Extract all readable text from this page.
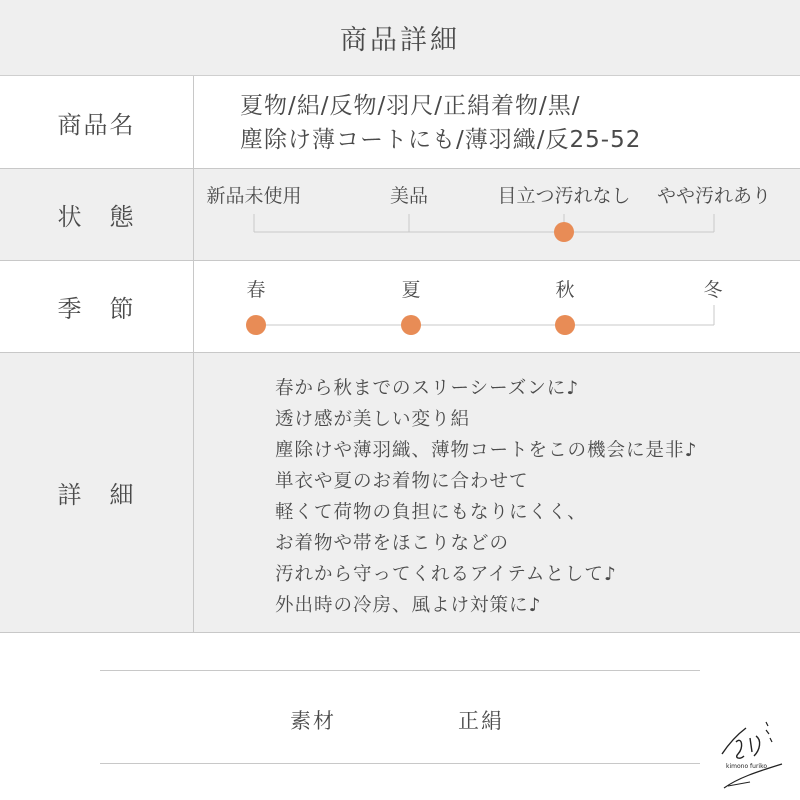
商品詳細
商品名
夏物/絽/反物/羽尺/正絹着物/黒/
塵除け薄コートにも/薄羽織/反25-52
状　態
新品未使用	美品	目立つ汚れなし やや汚れあり
季　節
春	夏	秋	冬
詳　細
春から秋までのスリーシーズンに♪
透け感が美しい変り絽
塵除けや薄羽織、薄物コートをこの機会に是非♪
単衣や夏のお着物に合わせて
軽くて荷物の負担にもなりにくく、
お着物や帯をほこりなどの
汚れから守ってくれるアイテムとして♪
外出時の冷房、風よけ対策に♪
素材	正絹
kimono furiko
